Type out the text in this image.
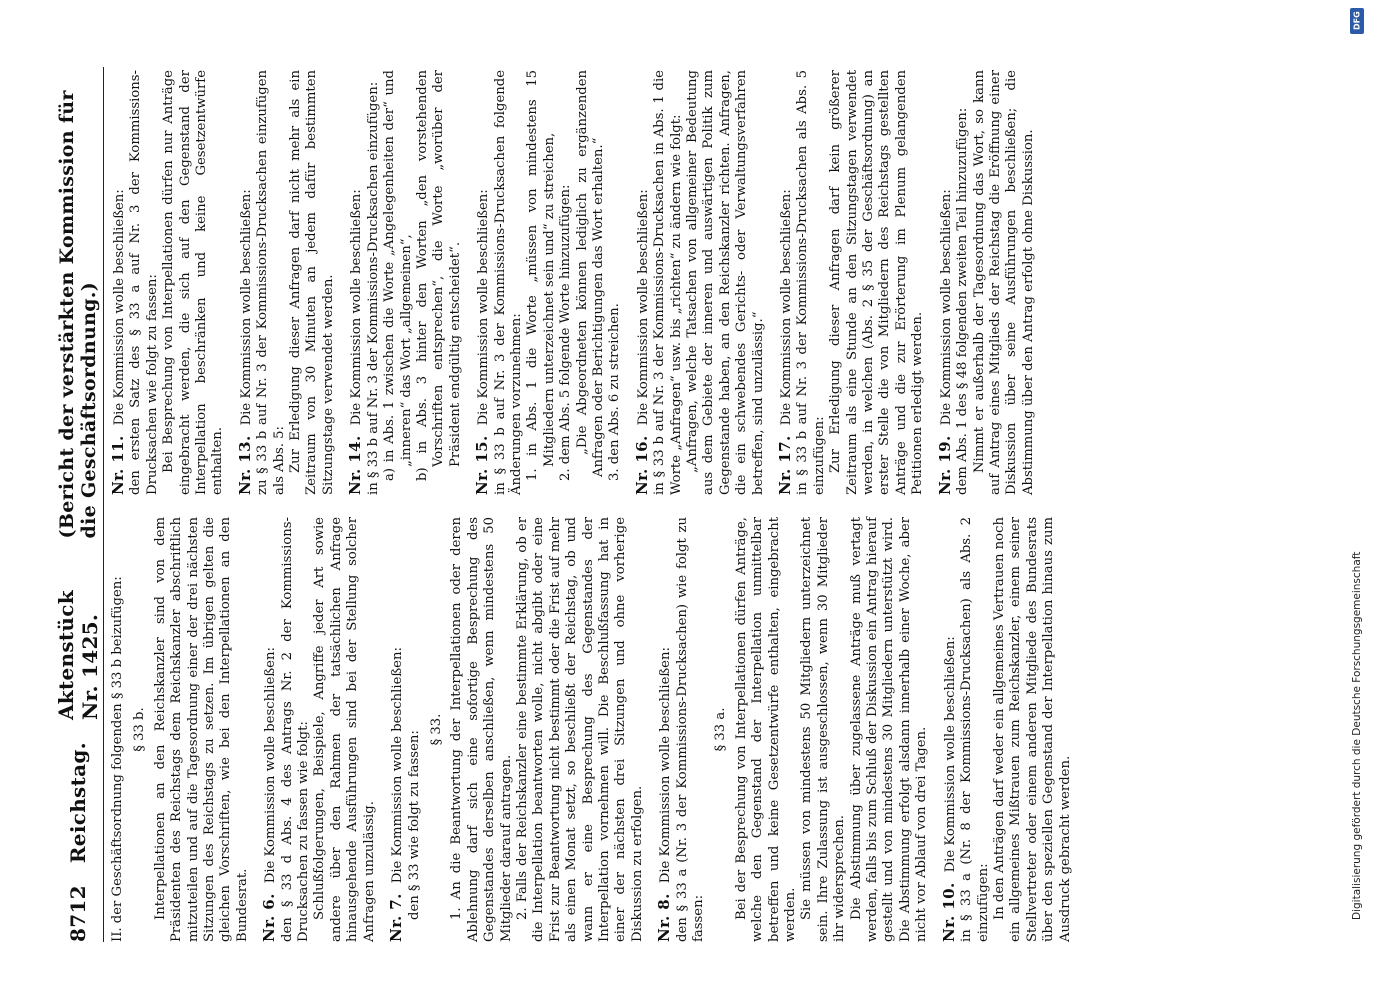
8712
Reichstag.
Aktenstück Nr. 1425.
(Bericht der verstärkten Kommission für die Geschäftsordnung.)

II. der Geschäftsordnung folgenden § 33 b beizufügen: § 33 b. Interpellationen an den Reichskanzler sind von dem Präsidenten des Reichstags dem Reichskanzler abschriftlich mitzuteilen und auf die Tagesordnung einer der drei nächsten Sitzungen des Reichstags zu setzen. Im übrigen gelten die gleichen Vorschriften, wie bei den Interpellationen an den Bundesrat. Nr. 6.Die Kommission wolle beschließen: den § 33 d Abs. 4 des Antrags Nr. 2 der Kommissions-Drucksachen zu fassen wie folgt: Schlußfolgerungen, Beispiele, Angriffe jeder Art sowie andere über den Rahmen der tatsächlichen Anfrage hinausgehende Ausführungen sind bei der Stellung solcher Anfragen unzulässig. Nr. 7.Die Kommission wolle beschließen: den § 33 wie folgt zu fassen:

§ 33. 1. An die Beantwortung der Interpellationen oder deren Ablehnung darf sich eine sofortige Besprechung des Gegenstandes derselben anschließen, wenn mindestens 50 Mitglieder darauf antragen. 2. Falls der Reichskanzler eine bestimmte Erklärung, ob er die Interpellation beantworten wolle, nicht abgibt oder eine Frist zur Beantwortung nicht bestimmt oder die Frist auf mehr als einen Monat setzt, so beschließt der Reichstag, ob und wann er eine Besprechung des Gegenstandes der Interpellation vornehmen will. Die Beschlußfassung hat in einer der nächsten drei Sitzungen und ohne vorherige Diskussion zu erfolgen. Nr. 8.Die Kommission wolle beschließen: den § 33 a (Nr. 3 der Kommissions-Drucksachen) wie folgt zu fassen:

§ 33 a. Bei der Besprechung von Interpellationen dürfen Anträge, welche den Gegenstand der Interpellation unmittelbar betreffen und keine Gesetzentwürfe enthalten, eingebracht werden. Sie müssen von mindestens 50 Mitgliedern unterzeichnet sein. Ihre Zulassung ist ausgeschlossen, wenn 30 Mitglieder ihr widersprechen. Die Abstimmung über zugelassene Anträge muß vertagt werden, falls bis zum Schluß der Diskussion ein Antrag hierauf gestellt und von mindestens 30 Mitgliedern unterstützt wird. Die Abstimmung erfolgt alsdann innerhalb einer Woche, aber nicht vor Ablauf von drei Tagen. Nr. 10.Die Kommission wolle beschließen: in § 33 a (Nr. 8 der Kommissions-Drucksachen) als Abs. 2 einzufügen: In den Anträgen darf weder ein allgemeines Vertrauen noch ein allgemeines Mißtrauen zum Reichskanzler, einem seiner Stellvertreter oder einem anderen Mitgliede des Bundesrats über den speziellen Gegenstand der Interpellation hinaus zum Ausdruck gebracht werden.

Nr. 11.Die Kommission wolle beschließen: den ersten Satz des § 33 a auf Nr. 3 der Kommissions-Drucksachen wie folgt zu fassen: Bei Besprechung von Interpellationen dürfen nur Anträge eingebracht werden, die sich auf den Gegenstand der Interpellation beschränken und keine Gesetzentwürfe enthalten. Nr. 13.Die Kommission wolle beschließen: zu § 33 b auf Nr. 3 der Kommissions-Drucksachen einzufügen als Abs. 5: Zur Erledigung dieser Anfragen darf nicht mehr als ein Zeitraum von 30 Minuten an jedem dafür bestimmten Sitzungstage verwendet werden. Nr. 14.Die Kommission wolle beschließen: in § 33 b auf Nr. 3 der Kommissions-Drucksachen einzufügen: a) in Abs. 1 zwischen die Worte „Angelegenheiten der“ und „inneren“ das Wort „allgemeinen“, b) in Abs. 3 hinter den Worten „den vorstehenden Vorschriften entsprechen“, die Worte „worüber der Präsident endgültig entscheidet“. Nr. 15.Die Kommission wolle beschließen: in § 33 b auf Nr. 3 der Kommissions-Drucksachen folgende Änderungen vorzunehmen: 1. in Abs. 1 die Worte „müssen von mindestens 15 Mitgliedern unterzeichnet sein und“ zu streichen, 2. dem Abs. 5 folgende Worte hinzuzufügen: „Die Abgeordneten können lediglich zu ergänzenden Anfragen oder Berichtigungen das Wort erhalten.“ 3. den Abs. 6 zu streichen. Nr. 16.Die Kommission wolle beschließen: in § 33 b auf Nr. 3 der Kommissions-Drucksachen in Abs. 1 die Worte „Anfragen“ usw. bis „richten“ zu ändern wie folgt: „Anfragen, welche Tatsachen von allgemeiner Bedeutung aus dem Gebiete der inneren und auswärtigen Politik zum Gegenstande haben, an den Reichskanzler richten. Anfragen, die ein schwebendes Gerichts- oder Verwaltungsverfahren betreffen, sind unzulässig.“ Nr. 17.Die Kommission wolle beschließen: in § 33 b auf Nr. 3 der Kommissions-Drucksachen als Abs. 5 einzufügen: Zur Erledigung dieser Anfragen darf kein größerer Zeitraum als eine Stunde an den Sitzungstagen verwendet werden, in welchen (Abs. 2 § 35 der Geschäftsordnung) an erster Stelle die von Mitgliedern des Reichstags gestellten Anträge und die zur Erörterung im Plenum gelangenden Petitionen erledigt werden. Nr. 19.Die Kommission wolle beschließen: dem Abs. 1 des § 48 folgenden zweiten Teil hinzuzufügen: Nimmt er außerhalb der Tagesordnung das Wort, so kann auf Antrag eines Mitglieds der Reichstag die Eröffnung einer Diskussion über seine Ausführungen beschließen; die Abstimmung über den Antrag erfolgt ohne Diskussion.

DFG
Digitalisierung gefördert durch die Deutsche Forschungsgemeinschaft
